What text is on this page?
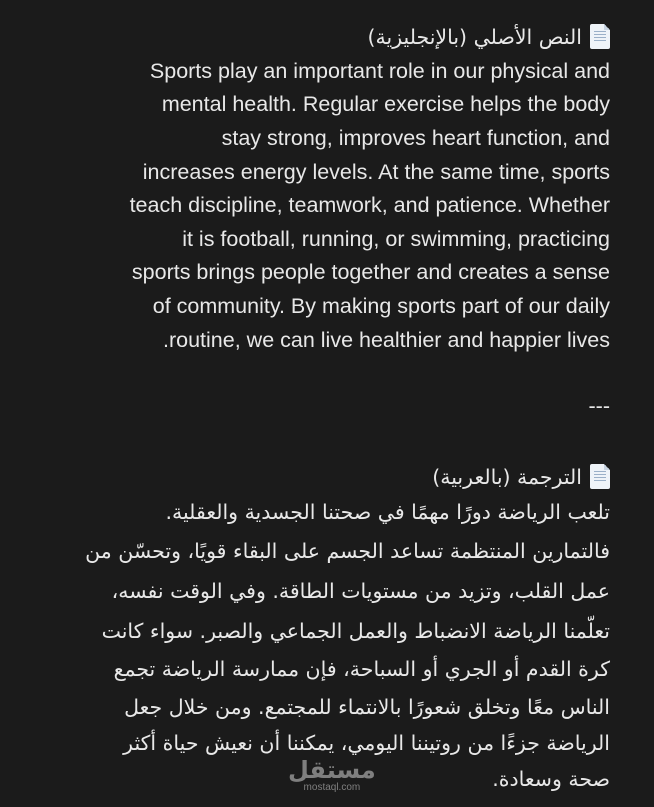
النص الأصلي (بالإنجليزية)
Sports play an important role in our physical and
mental health. Regular exercise helps the body
stay strong, improves heart function, and
increases energy levels. At the same time, sports
teach discipline, teamwork, and patience. Whether
it is football, running, or swimming, practicing
sports brings people together and creates a sense
of community. By making sports part of our daily
routine, we can live healthier and happier lives.
---
الترجمة (بالعربية)
تلعب الرياضة دورًا مهمًا في صحتنا الجسدية والعقلية.
فالتمارين المنتظمة تساعد الجسم على البقاء قويًا، وتحسّن من
عمل القلب، وتزيد من مستويات الطاقة. وفي الوقت نفسه،
تعلّمنا الرياضة الانضباط والعمل الجماعي والصبر. سواء كانت
كرة القدم أو الجري أو السباحة، فإن ممارسة الرياضة تجمع
الناس معًا وتخلق شعورًا بالانتماء للمجتمع. ومن خلال جعل
الرياضة جزءًا من روتيننا اليومي، يمكننا أن نعيش حياة أكثر
صحة وسعادة.
مستقل
mostaql.com
